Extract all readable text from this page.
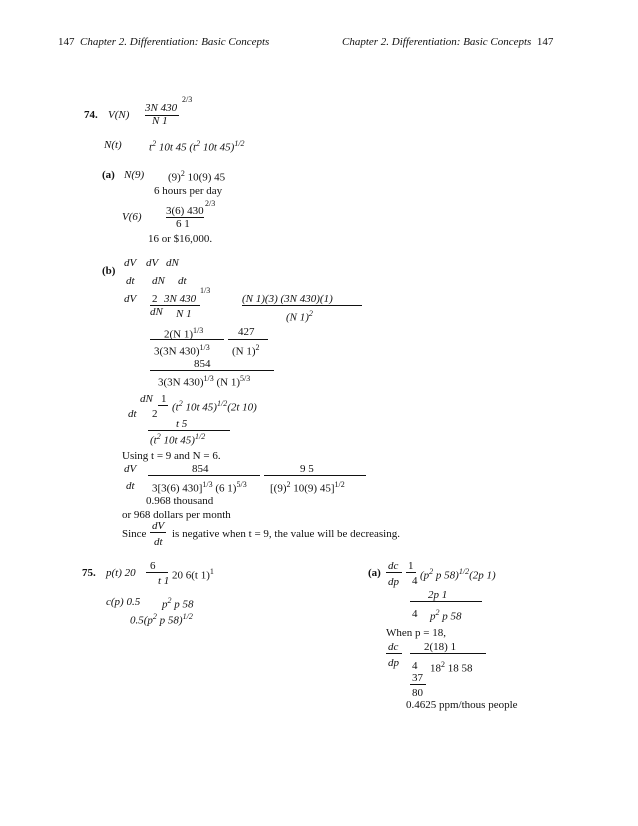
147 Chapter 2. Differentiation: Basic Concepts	Chapter 2. Differentiation: Basic Concepts 147
74. V(N)
3N 430
2/3
N 1
N(t) $t^2$ 10t 45 ($t^2$ 10t 45)$^{1/2}$
(a) N(9) $(9)^2$ 10(9) 45
6 hours per day
V(6) 3(6) 430
2/3
6 1
16 or $16,000.
(b)
dV
dt
dV
dN
dN
dt
dV 2 3N 430
1/3
dN N 1
(N 1)(3) (3N 430)(1)
(N 1)$^2$
2(N 1)$^{1/3}$
3(3N 430)$^{1/3}$
427
(N 1)$^2$
854
3(3N 430)$^{1/3}$ (N 1)$^{5/3}$
dN
dt
1
2
($t^2$ 10t 45)$^{1/2}$(2t 10)
t 5
($t^2$ 10t 45)$^{1/2}$
Using t = 9 and N = 6.
dV
dt
854
3[3(6) 430]$^{1/3}$ (6 1)$^{5/3}$
9 5
[$(9)^2$ 10(9) 45]$^{1/2}$
0.968 thousand
or 968 dollars per month
Since
dV
dt
is negative when t = 9, the value will be decreasing.
75. p(t) 20
6
t 1 20 6(t 1)$^1$
c(p) 0.5 $p^2$ p 58
$0.5(p^2$ p 58)$^{1/2}$
(a)
dc
dp
1
4 ($p^2$ p 58)$^{1/2}$(2p 1)
2p 1
4 $p^2$ p 58
When p = 18,
dc
dp
2(18) 1
4 $18^2$ 18 58
37
80
0.4625 ppm/thous people
